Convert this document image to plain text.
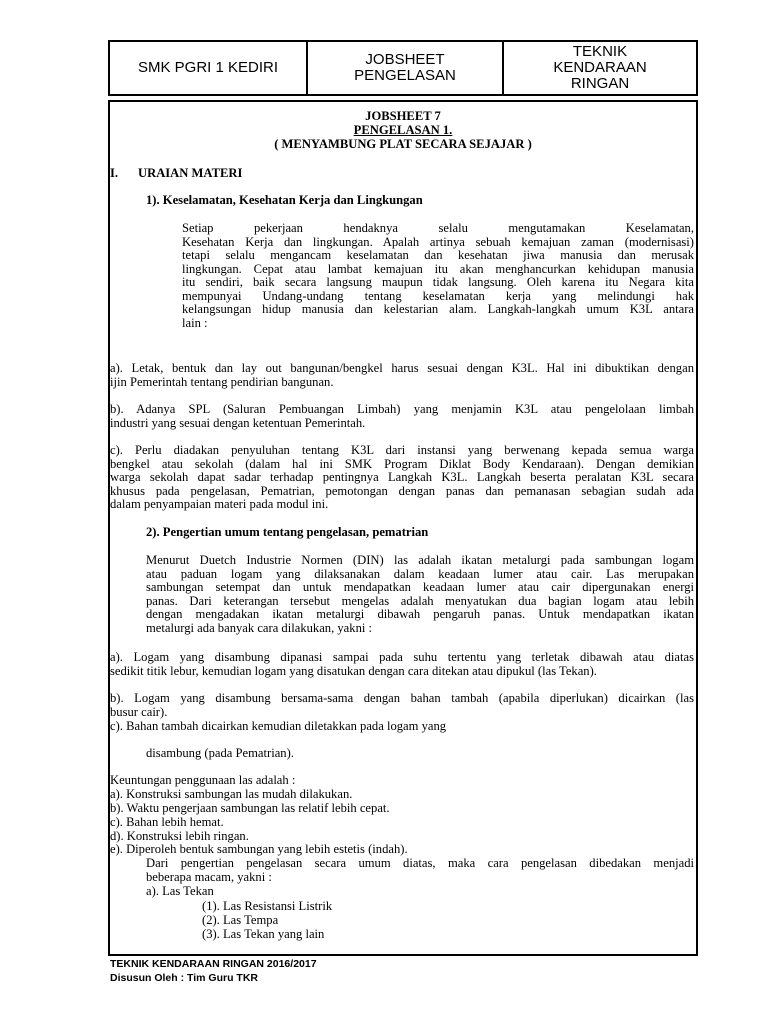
SMK PGRI 1 KEDIRI	JOBSHEET
PENGELASAN
TEKNIK
KENDARAAN
RINGAN
JOBSHEET 7
PENGELASAN 1.
( MENYAMBUNG PLAT SECARA SEJAJAR )
I. URAIAN MATERI
1). Keselamatan, Kesehatan Kerja dan Lingkungan
Setiap pekerjaan hendaknya selalu mengutamakan Keselamatan,
Kesehatan Kerja dan lingkungan. Apalah artinya sebuah kemajuan zaman (modernisasi)
tetapi selalu mengancam keselamatan dan kesehatan jiwa manusia dan merusak
lingkungan. Cepat atau lambat kemajuan itu akan menghancurkan kehidupan manusia
itu sendiri, baik secara langsung maupun tidak langsung. Oleh karena itu Negara kita
mempunyai Undang-undang tentang keselamatan kerja yang melindungi hak
kelangsungan hidup manusia dan kelestarian alam. Langkah-langkah umum K3L antara
lain :
a). Letak, bentuk dan lay out bangunan/bengkel harus sesuai dengan K3L. Hal ini dibuktikan dengan
ijin Pemerintah tentang pendirian bangunan.
b). Adanya SPL (Saluran Pembuangan Limbah) yang menjamin K3L atau pengelolaan limbah
industri yang sesuai dengan ketentuan Pemerintah.
c). Perlu diadakan penyuluhan tentang K3L dari instansi yang berwenang kepada semua warga
bengkel atau sekolah (dalam hal ini SMK Program Diklat Body Kendaraan). Dengan demikian
warga sekolah dapat sadar terhadap pentingnya Langkah K3L. Langkah beserta peralatan K3L secara
khusus pada pengelasan, Pematrian, pemotongan dengan panas dan pemanasan sebagian sudah ada
dalam penyampaian materi pada modul ini.
2). Pengertian umum tentang pengelasan, pematrian
Menurut Duetch Industrie Normen (DIN) las adalah ikatan metalurgi pada sambungan logam
atau paduan logam yang dilaksanakan dalam keadaan lumer atau cair. Las merupakan
sambungan setempat dan untuk mendapatkan keadaan lumer atau cair dipergunakan energi
panas. Dari keterangan tersebut mengelas adalah menyatukan dua bagian logam atau lebih
dengan mengadakan ikatan metalurgi dibawah pengaruh panas. Untuk mendapatkan ikatan
metalurgi ada banyak cara dilakukan, yakni :
a). Logam yang disambung dipanasi sampai pada suhu tertentu yang terletak dibawah atau diatas
sedikit titik lebur, kemudian logam yang disatukan dengan cara ditekan atau dipukul (las Tekan).
b). Logam yang disambung bersama-sama dengan bahan tambah (apabila diperlukan) dicairkan (las
busur cair).
c). Bahan tambah dicairkan kemudian diletakkan pada logam yang
disambung (pada Pematrian).
Keuntungan penggunaan las adalah :
a). Konstruksi sambungan las mudah dilakukan.
b). Waktu pengerjaan sambungan las relatif lebih cepat.
c). Bahan lebih hemat.
d). Konstruksi lebih ringan.
e). Diperoleh bentuk sambungan yang lebih estetis (indah).
Dari pengertian pengelasan secara umum diatas, maka cara pengelasan dibedakan menjadi
beberapa macam, yakni :
a). Las Tekan
(1). Las Resistansi Listrik
(2). Las Tempa
(3). Las Tekan yang lain
TEKNIK KENDARAAN RINGAN 2016/2017
Disusun Oleh : Tim Guru TKR
